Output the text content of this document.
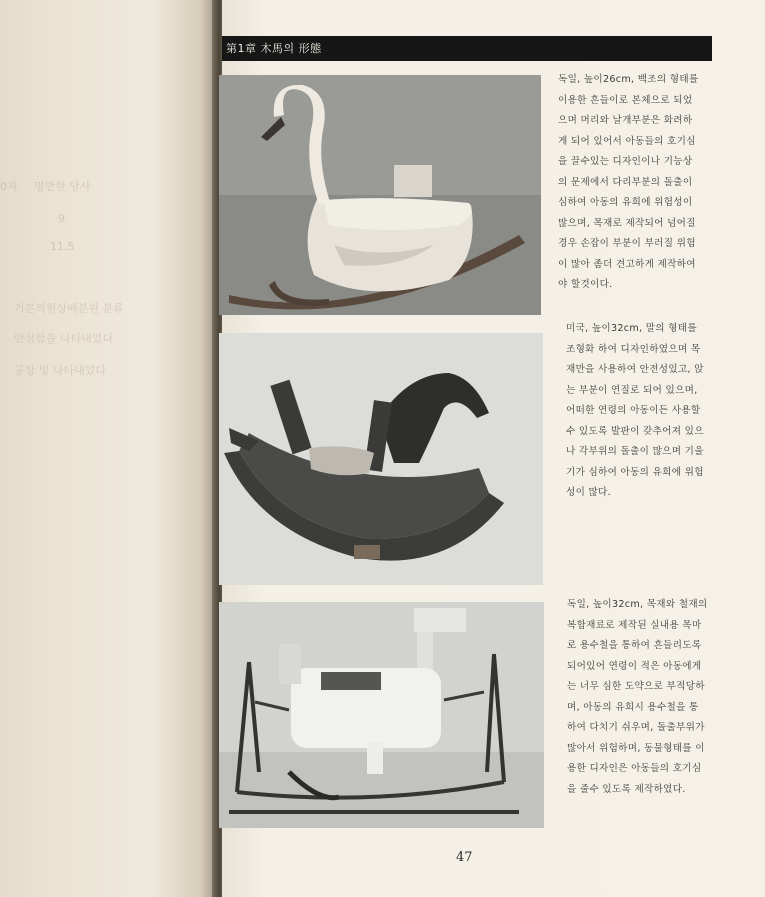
0자 명반한 당사
9
11,5
기본적현상배분원 분류
안심함을 나타내었다
공장 및 나타내었다
第1章 木馬의 形態
독일, 높이26cm, 백조의 형태를
이용한 흔들이로 본체으로 되었
으며 머리와 날개부분은 화려하
게 되어 있어서 아동들의 호기심
을 끌수있는 디자인이나 기능상
의 문제에서 다리부분의 돌출이
심하여 아동의 유희에 위험성이
많으며, 목재로 제작되어 넘어질
경우 손잡이 부분이 부러질 위험
이 많아 좀더 견고하게 제작하여
야 할것이다.
미국, 높이32cm, 말의 형태를
조형화 하여 디자인하였으며 목
재만을 사용하여 안전성있고, 앉
는 부분이 연질로 되어 있으며,
어떠한 연령의 아동이든 사용할
수 있도록 발판이 갖추어져 있으
나 각부위의 돌출이 많으며 기울
기가 심하여 아동의 유희에 위험
성이 많다.
독일, 높이32cm, 목재와 철재의
복합재료로 제작된 실내용 목마
로 용수철을 통하여 흔들리도록
되어있어 연령이 적은 아동에게
는 너무 심한 도약으로 부적당하
며, 아동의 유희시 용수철을 통
하여 다치기 쉬우며, 돌출부위가
많아서 위험하며, 동물형태를 이
용한 디자인은 아동들의 호기심
을 줄수 있도록 제작하였다.
47
